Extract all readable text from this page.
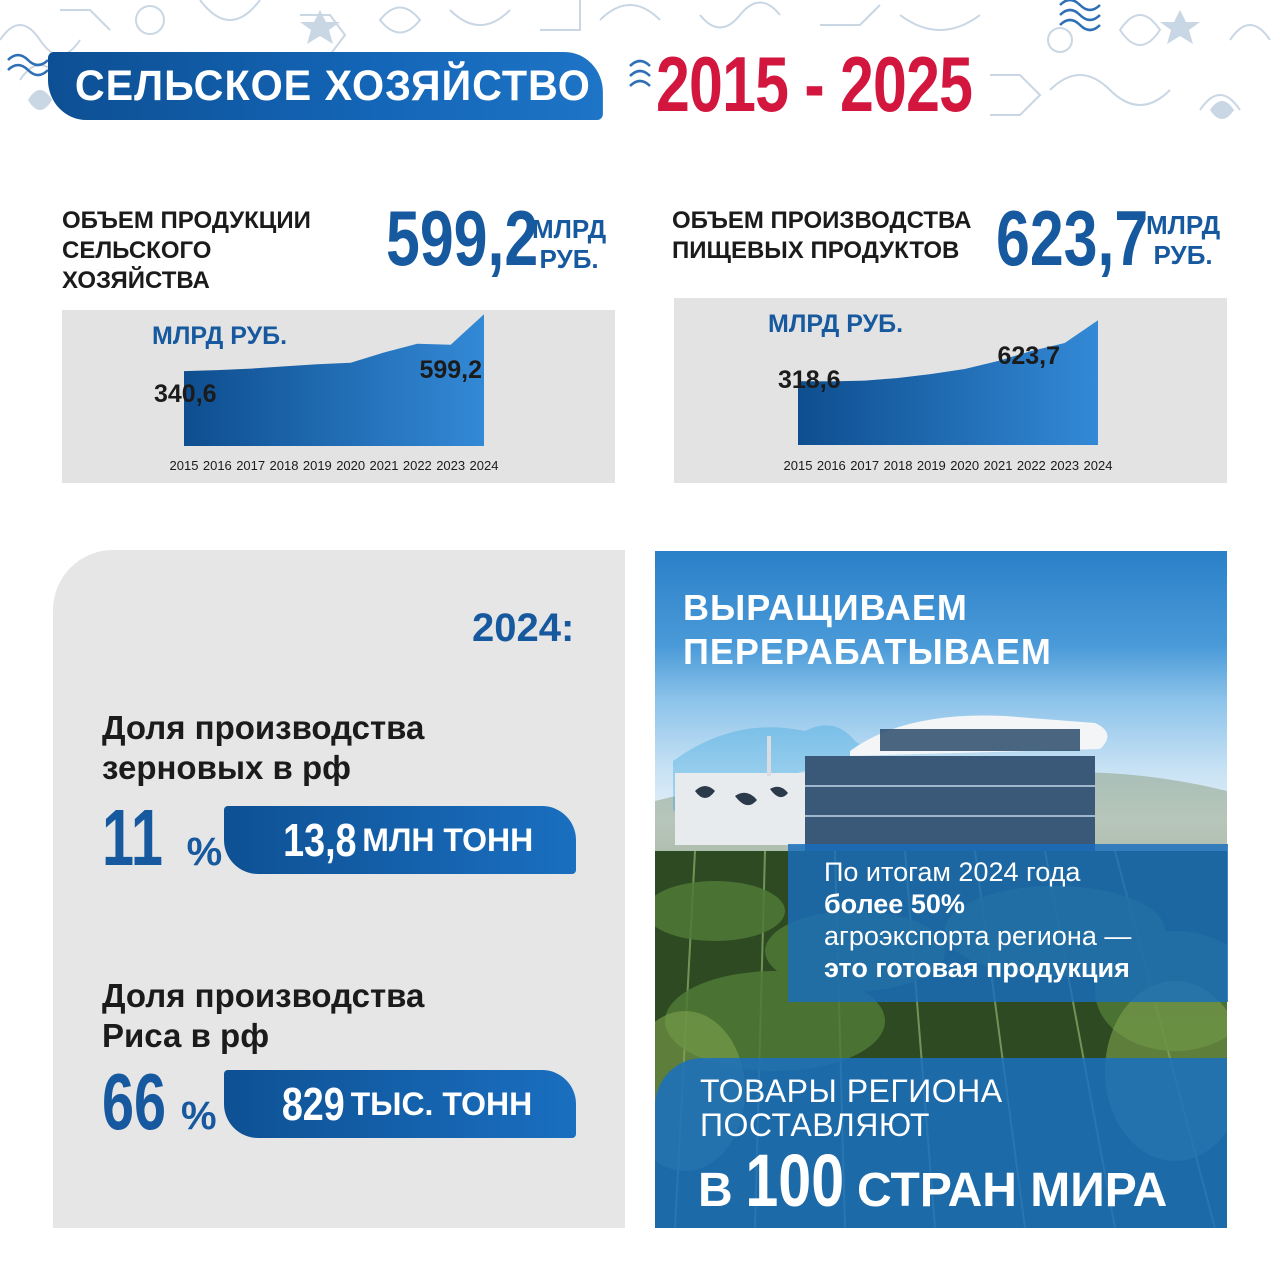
СЕЛЬСКОЕ ХОЗЯЙСТВО 2015 - 2025
ОБЪЕМ ПРОДУКЦИИ
СЕЛЬСКОГО
ХОЗЯЙСТВА	599,2
МЛРД
РУБ.
ОБЪЕМ ПРОИЗВОДСТВА
ПИЩЕВЫХ ПРОДУКТОВ 623,7
МЛРД
РУБ.
МЛРД РУБ.
2015 2016 2017 2018 2019 2020 2021 2022 2023 2024
340,6
599,2
МЛРД РУБ.
2015 2016 2017 2018 2019 2020 2021 2022 2023 2024
318,6
623,7
2024:
Доля производства
зерновых в рф
11 % 13,8 МЛН ТОНН
Доля производства
Риса в рф
66 % 829 ТЫС. ТОНН
ВЫРАЩИВАЕМ
ПЕРЕРАБАТЫВАЕМ
По итогам 2024 года
более 50%
агроэкспорта региона —
это готовая продукция
ТОВАРЫ РЕГИОНА
ПОСТАВЛЯЮТ
В 100 СТРАН МИРА
